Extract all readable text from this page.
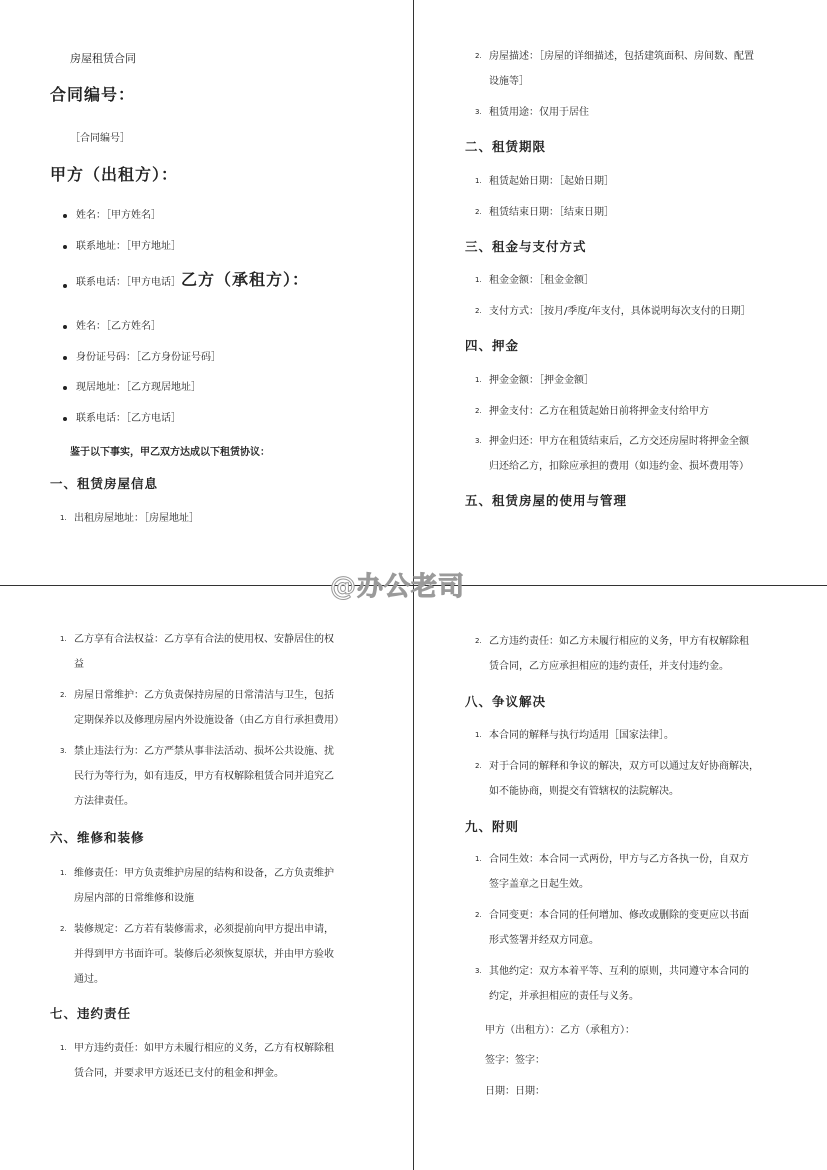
房屋租赁合同
合同编号：
［合同编号］
甲方（出租方）：
姓名：［甲方姓名］
联系地址：［甲方地址］
联系电话：［甲方电话］乙方（承租方）：
姓名：［乙方姓名］
身份证号码：［乙方身份证号码］
现居地址：［乙方现居地址］
联系电话：［乙方电话］
鉴于以下事实，甲乙双方达成以下租赁协议：
一、租赁房屋信息
1. 出租房屋地址：［房屋地址］
2. 房屋描述：［房屋的详细描述，包括建筑面积、房间数、配置
设施等］
3. 租赁用途：仅用于居住
二、租赁期限
1. 租赁起始日期：［起始日期］
2. 租赁结束日期：［结束日期］
三、租金与支付方式
1. 租金金额：［租金金额］
2. 支付方式：［按月/季度/年支付，具体说明每次支付的日期］
四、押金
1. 押金金额：［押金金额］
2. 押金支付：乙方在租赁起始日前将押金支付给甲方
3. 押金归还：甲方在租赁结束后，乙方交还房屋时将押金全额
归还给乙方，扣除应承担的费用（如违约金、损坏费用等）
五、租赁房屋的使用与管理
1. 乙方享有合法权益：乙方享有合法的使用权、安静居住的权
益
2. 房屋日常维护：乙方负责保持房屋的日常清洁与卫生，包括
定期保养以及修理房屋内外设施设备（由乙方自行承担费用）
3. 禁止违法行为：乙方严禁从事非法活动、损坏公共设施、扰
民行为等行为，如有违反，甲方有权解除租赁合同并追究乙
方法律责任。
六、维修和装修
1. 维修责任：甲方负责维护房屋的结构和设备，乙方负责维护
房屋内部的日常维修和设施
2. 装修规定：乙方若有装修需求，必须提前向甲方提出申请，
并得到甲方书面许可。装修后必须恢复原状，并由甲方验收
通过。
七、违约责任
1. 甲方违约责任：如甲方未履行相应的义务，乙方有权解除租
赁合同，并要求甲方返还已支付的租金和押金。
2. 乙方违约责任：如乙方未履行相应的义务，甲方有权解除租
赁合同，乙方应承担相应的违约责任，并支付违约金。
八、争议解决
1. 本合同的解释与执行均适用［国家法律］。
2. 对于合同的解释和争议的解决，双方可以通过友好协商解决，
如不能协商，则提交有管辖权的法院解决。
九、附则
1. 合同生效：本合同一式两份，甲方与乙方各执一份，自双方
签字盖章之日起生效。
2. 合同变更：本合同的任何增加、修改或删除的变更应以书面
形式签署并经双方同意。
3. 其他约定：双方本着平等、互利的原则，共同遵守本合同的
约定，并承担相应的责任与义务。
甲方（出租方）：乙方（承租方）：
签字：签字：
日期：日期：
@办公老司
